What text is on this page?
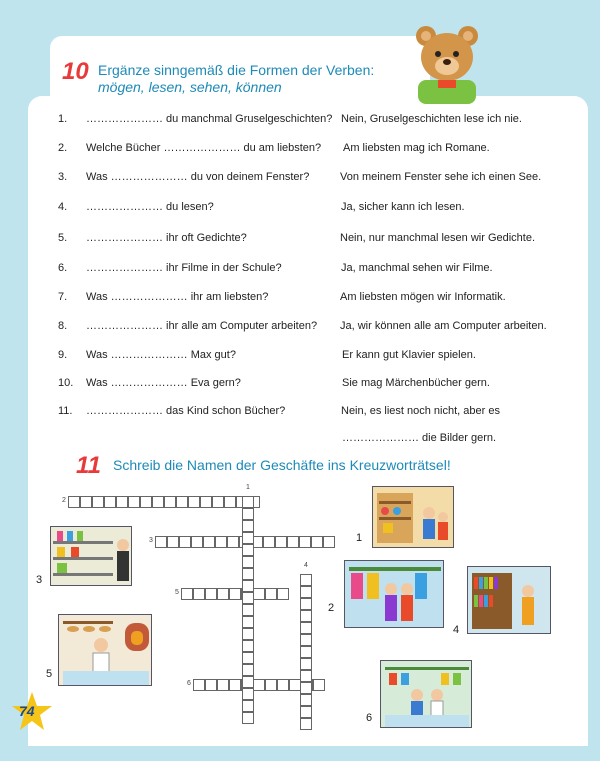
10 Ergänze sinngemäß die Formen der Verben:
mögen, lesen, sehen, können
1. ………………… du manchmal Gruselgeschichten? Nein, Gruselgeschichten lese ich nie.
2. Welche Bücher ………………… du am liebsten? Am liebsten mag ich Romane.
3. Was ………………… du von deinem Fenster?	Von meinem Fenster sehe ich einen See.
4. ………………… du lesen?	Ja, sicher kann ich lesen.
5. ………………… ihr oft Gedichte?	Nein, nur manchmal lesen wir Gedichte.
6. ………………… ihr Filme in der Schule?	Ja, manchmal sehen wir Filme.
7. Was ………………… ihr am liebsten?	Am liebsten mögen wir Informatik.
8. ………………… ihr alle am Computer arbeiten? Ja, wir können alle am Computer arbeiten.
9. Was ………………… Max gut?	Er kann gut Klavier spielen.
10. Was ………………… Eva gern?	Sie mag Märchenbücher gern.
11. ………………… das Kind schon Bücher?	Nein, es liest noch nicht, aber es
………………… die Bilder gern.
11 Schreib die Namen der Geschäfte ins Kreuzworträtsel!
2
3
5
6
1
4
1
2
3
4
5
6
74
